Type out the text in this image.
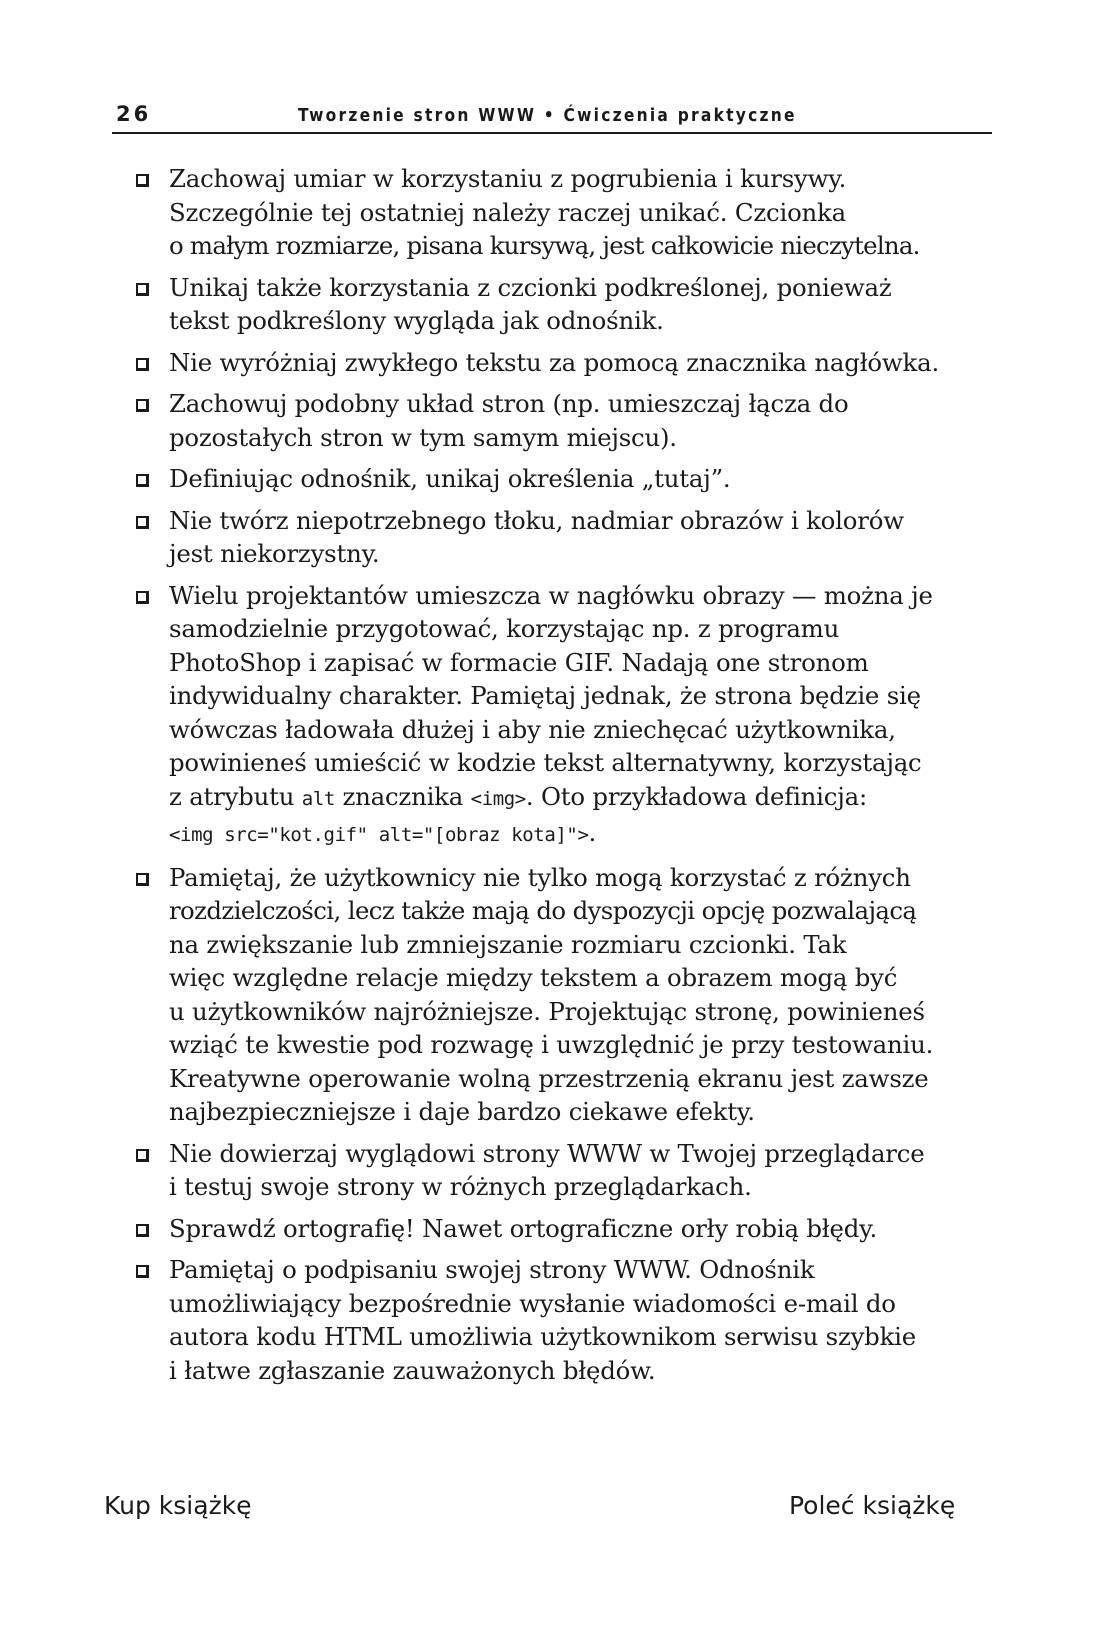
26	Tworzenie stron WWW • Ćwiczenia praktyczne
Zachowaj umiar w korzystaniu z pogrubienia i kursywy.
Szczególnie tej ostatniej należy raczej unikać. Czcionka
o małym rozmiarze, pisana kursywą, jest całkowicie nieczytelna.
Unikaj także korzystania z czcionki podkreślonej, ponieważ
tekst podkreślony wygląda jak odnośnik.
Nie wyróżniaj zwykłego tekstu za pomocą znacznika nagłówka.
Zachowuj podobny układ stron (np. umieszczaj łącza do
pozostałych stron w tym samym miejscu).
Definiując odnośnik, unikaj określenia „tutaj”.
Nie twórz niepotrzebnego tłoku, nadmiar obrazów i kolorów
jest niekorzystny.
Wielu projektantów umieszcza w nagłówku obrazy — można je
samodzielnie przygotować, korzystając np. z programu
PhotoShop i zapisać w formacie GIF. Nadają one stronom
indywidualny charakter. Pamiętaj jednak, że strona będzie się
wówczas ładowała dłużej i aby nie zniechęcać użytkownika,
powinieneś umieścić w kodzie tekst alternatywny, korzystając
z atrybutu alt znacznika <img>. Oto przykładowa definicja:
<img src="kot.gif" alt="[obraz kota]">.
Pamiętaj, że użytkownicy nie tylko mogą korzystać z różnych
rozdzielczości, lecz także mają do dyspozycji opcję pozwalającą
na zwiększanie lub zmniejszanie rozmiaru czcionki. Tak
więc względne relacje między tekstem a obrazem mogą być
u użytkowników najróżniejsze. Projektując stronę, powinieneś
wziąć te kwestie pod rozwagę i uwzględnić je przy testowaniu.
Kreatywne operowanie wolną przestrzenią ekranu jest zawsze
najbezpieczniejsze i daje bardzo ciekawe efekty.
Nie dowierzaj wyglądowi strony WWW w Twojej przeglądarce
i testuj swoje strony w różnych przeglądarkach.
Sprawdź ortografię! Nawet ortograficzne orły robią błędy.
Pamiętaj o podpisaniu swojej strony WWW. Odnośnik
umożliwiający bezpośrednie wysłanie wiadomości e-mail do
autora kodu HTML umożliwia użytkownikom serwisu szybkie
i łatwe zgłaszanie zauważonych błędów.
Kup książkę	Poleć książkę
